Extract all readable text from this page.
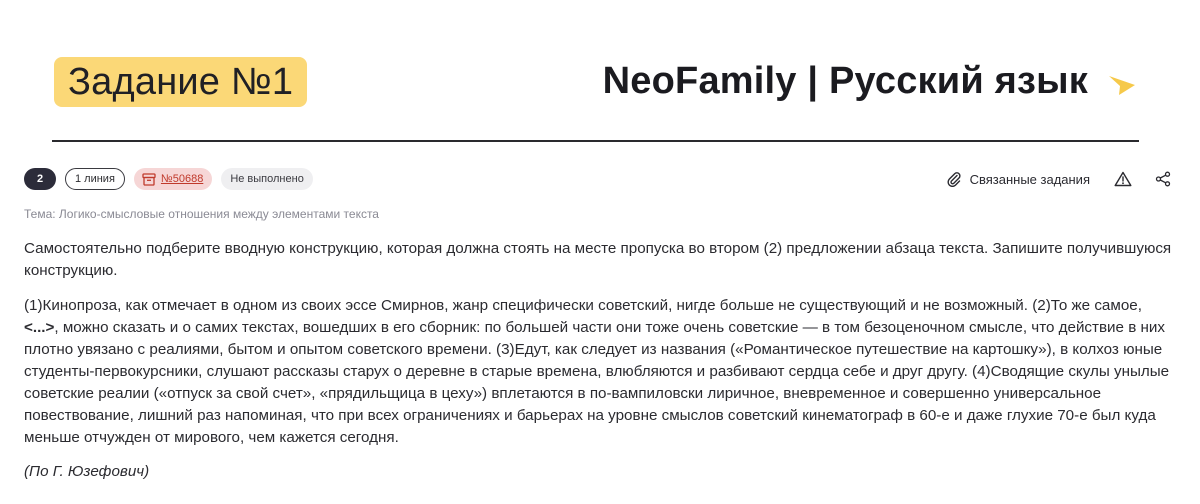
Задание №1	NeoFamily | Русский язык
2	1 линия	№50688	Не выполнено	Связанные задания
Тема: Логико-смысловые отношения между элементами текста
Самостоятельно подберите вводную конструкцию, которая должна стоять на месте пропуска во втором (2) предложении абзаца текста. Запишите получившуюся конструкцию.
(1)Кинопроза, как отмечает в одном из своих эссе Смирнов, жанр специфически советский, нигде больше не существующий и не возможный. (2)То же самое, <...>, можно сказать и о самих текстах, вошедших в его сборник: по большей части они тоже очень советские — в том безоценочном смысле, что действие в них плотно увязано с реалиями, бытом и опытом советского времени. (3)Едут, как следует из названия («Романтическое путешествие на картошку»), в колхоз юные студенты-первокурсники, слушают рассказы старух о деревне в старые времена, влюбляются и разбивают сердца себе и друг другу. (4)Сводящие скулы унылые советские реалии («отпуск за свой счет», «прядильщица в цеху») вплетаются в по-вампиловски лиричное, вневременное и совершенно универсальное повествование, лишний раз напоминая, что при всех ограничениях и барьерах на уровне смыслов советский кинематограф в 60-е и даже глухие 70-е был куда меньше отчужден от мирового, чем кажется сегодня.
(По Г. Юзефович)
